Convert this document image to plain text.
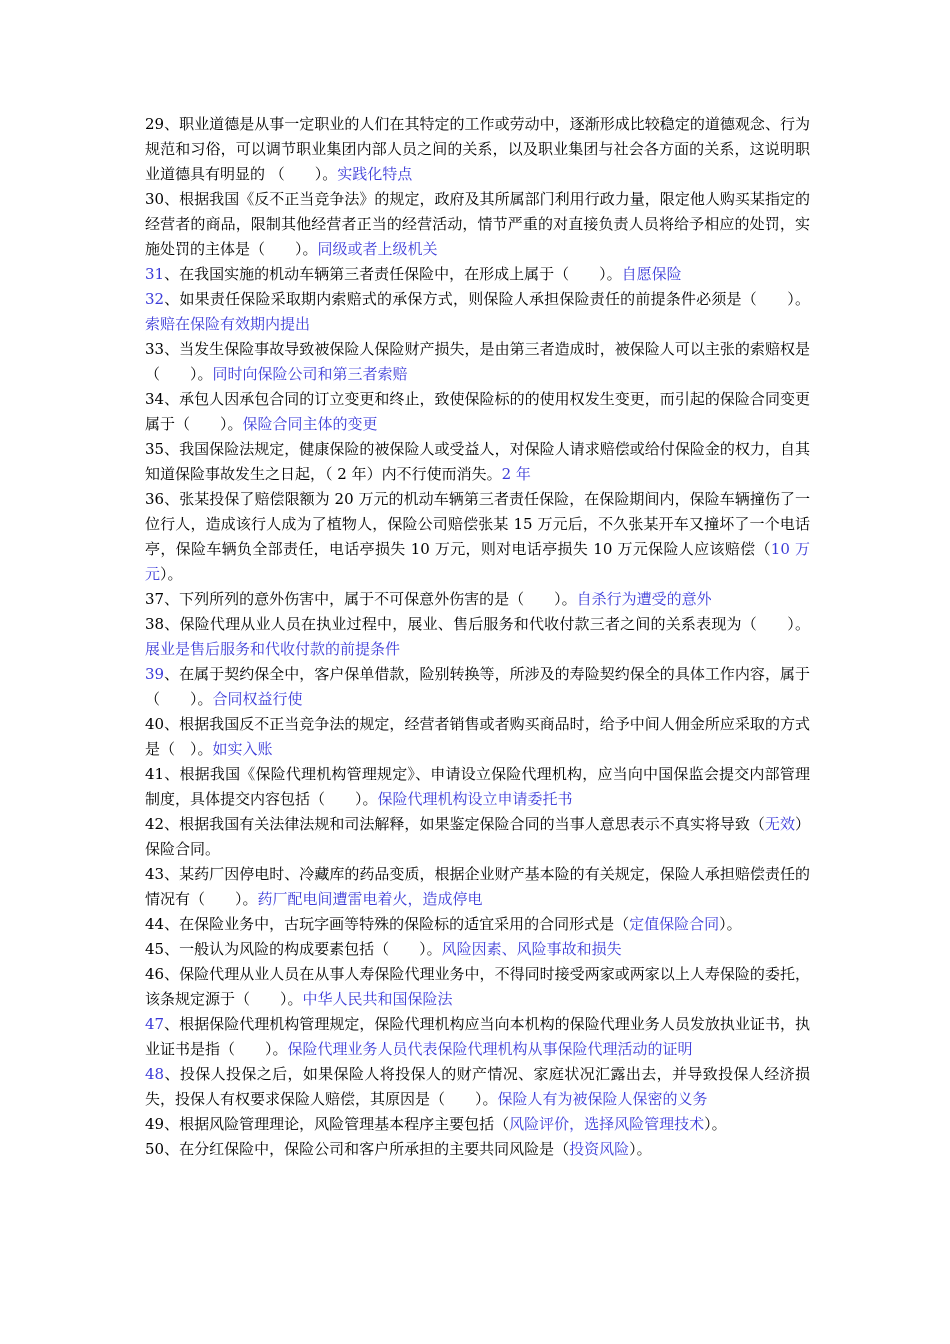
29、职业道德是从事一定职业的人们在其特定的工作或劳动中，逐渐形成比较稳定的道德观念、行为规范和习俗，可以调节职业集团内部人员之间的关系，以及职业集团与社会各方面的关系，这说明职业道德具有明显的 （　　）。实践化特点

30、根据我国《反不正当竞争法》的规定，政府及其所属部门利用行政力量，限定他人购买某指定的经营者的商品，限制其他经营者正当的经营活动，情节严重的对直接负责人员将给予相应的处罚，实施处罚的主体是（　　）。同级或者上级机关

31、在我国实施的机动车辆第三者责任保险中，在形成上属于（　　）。自愿保险

32、如果责任保险采取期内索赔式的承保方式，则保险人承担保险责任的前提条件必须是（　　）。索赔在保险有效期内提出

33、当发生保险事故导致被保险人保险财产损失，是由第三者造成时，被保险人可以主张的索赔权是（　　）。同时向保险公司和第三者索赔

34、承包人因承包合同的订立变更和终止，致使保险标的的使用权发生变更，而引起的保险合同变更属于（　　）。保险合同主体的变更

35、我国保险法规定，健康保险的被保险人或受益人，对保险人请求赔偿或给付保险金的权力，自其知道保险事故发生之日起，（ 2 年）内不行使而消失。2 年

36、张某投保了赔偿限额为 20 万元的机动车辆第三者责任保险，在保险期间内，保险车辆撞伤了一位行人，造成该行人成为了植物人，保险公司赔偿张某 15 万元后，不久张某开车又撞坏了一个电话亭，保险车辆负全部责任，电话亭损失 10 万元，则对电话亭损失 10 万元保险人应该赔偿（10 万元）。

37、下列所列的意外伤害中，属于不可保意外伤害的是（　　）。自杀行为遭受的意外

38、保险代理从业人员在执业过程中，展业、售后服务和代收付款三者之间的关系表现为（　　）。展业是售后服务和代收付款的前提条件

39、在属于契约保全中，客户保单借款，险别转换等，所涉及的寿险契约保全的具体工作内容，属于（　　）。合同权益行使

40、根据我国反不正当竞争法的规定，经营者销售或者购买商品时，给予中间人佣金所应采取的方式是（　）。如实入账

41、根据我国《保险代理机构管理规定》、申请设立保险代理机构，应当向中国保监会提交内部管理制度，具体提交内容包括（　　）。保险代理机构设立申请委托书

42、根据我国有关法律法规和司法解释，如果鉴定保险合同的当事人意思表示不真实将导致（无效）保险合同。

43、某药厂因停电时、冷藏库的药品变质，根据企业财产基本险的有关规定，保险人承担赔偿责任的情况有（　　）。药厂配电间遭雷电着火，造成停电

44、在保险业务中，古玩字画等特殊的保险标的适宜采用的合同形式是（定值保险合同）。

45、一般认为风险的构成要素包括（　　）。风险因素、风险事故和损失

46、保险代理从业人员在从事人寿保险代理业务中，不得同时接受两家或两家以上人寿保险的委托，该条规定源于（　　）。中华人民共和国保险法

47、根据保险代理机构管理规定，保险代理机构应当向本机构的保险代理业务人员发放执业证书，执业证书是指（　　）。保险代理业务人员代表保险代理机构从事保险代理活动的证明

48、投保人投保之后，如果保险人将投保人的财产情况、家庭状况汇露出去，并导致投保人经济损失，投保人有权要求保险人赔偿，其原因是（　　）。保险人有为被保险人保密的义务

49、根据风险管理理论，风险管理基本程序主要包括（风险评价，选择风险管理技术）。

50、在分红保险中，保险公司和客户所承担的主要共同风险是（投资风险）。
